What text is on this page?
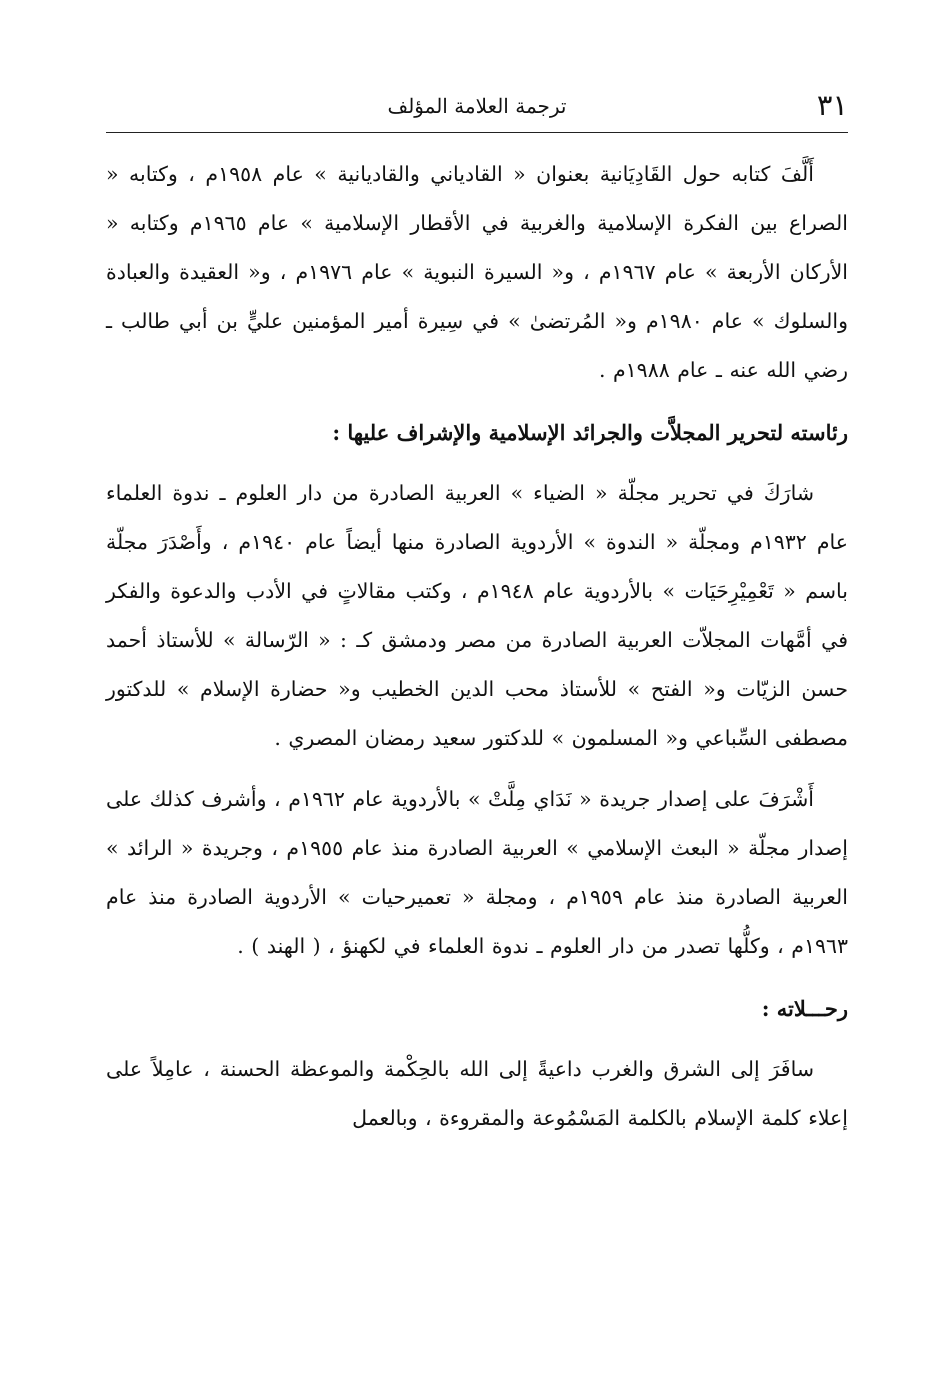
٣١
ترجمة العلامة المؤلف

أَلَّفَ كتابه حول القَادِيَانية بعنوان « القادياني والقاديانية » عام ١٩٥٨م ، وكتابه « الصراع بين الفكرة الإسلامية والغربية في الأقطار الإسلامية » عام ١٩٦٥م وكتابه « الأركان الأربعة » عام ١٩٦٧م ، و« السيرة النبوية » عام ١٩٧٦م ، و« العقيدة والعبادة والسلوك » عام ١٩٨٠م و« المُرتضىٰ » في سِيرة أمير المؤمنين عليٍّ بن أبي طالب ـ رضي الله عنه ـ عام ١٩٨٨م .

رئاسته لتحرير المجلاَّت والجرائد الإسلامية والإشراف عليها :

شارَكَ في تحرير مجلّة « الضياء » العربية الصادرة من دار العلوم ـ ندوة العلماء عام ١٩٣٢م ومجلّة « الندوة » الأردوية الصادرة منها أيضاً عام ١٩٤٠م ، وأَصْدَرَ مجلّة باسم « تَعْمِيْرِحَيَات » بالأردوية عام ١٩٤٨م ، وكتب مقالاتٍ في الأدب والدعوة والفكر في أمَّهات المجلاّت العربية الصادرة من مصر ودمشق كـ : « الرّسالة » للأستاذ أحمد حسن الزيّات و« الفتح » للأستاذ محب الدين الخطيب و« حضارة الإسلام » للدكتور مصطفى السِّباعي و« المسلمون » للدكتور سعيد رمضان المصري .

أَشْرَفَ على إصدار جريدة « نَدَاي مِلَّتْ » بالأردوية عام ١٩٦٢م ، وأشرف كذلك على إصدار مجلّة « البعث الإسلامي » العربية الصادرة منذ عام ١٩٥٥م ، وجريدة « الرائد » العربية الصادرة منذ عام ١٩٥٩م ، ومجلة « تعميرحيات » الأردوية الصادرة منذ عام ١٩٦٣م ، وكلُّها تصدر من دار العلوم ـ ندوة العلماء في لكهنؤ ، ( الهند ) .

رحـــلاته :

سافَرَ إلى الشرق والغرب داعيةً إلى الله بالحِكْمة والموعظة الحسنة ، عامِلاً على إعلاء كلمة الإسلام بالكلمة المَسْمُوعة والمقروءة ، وبالعمل
